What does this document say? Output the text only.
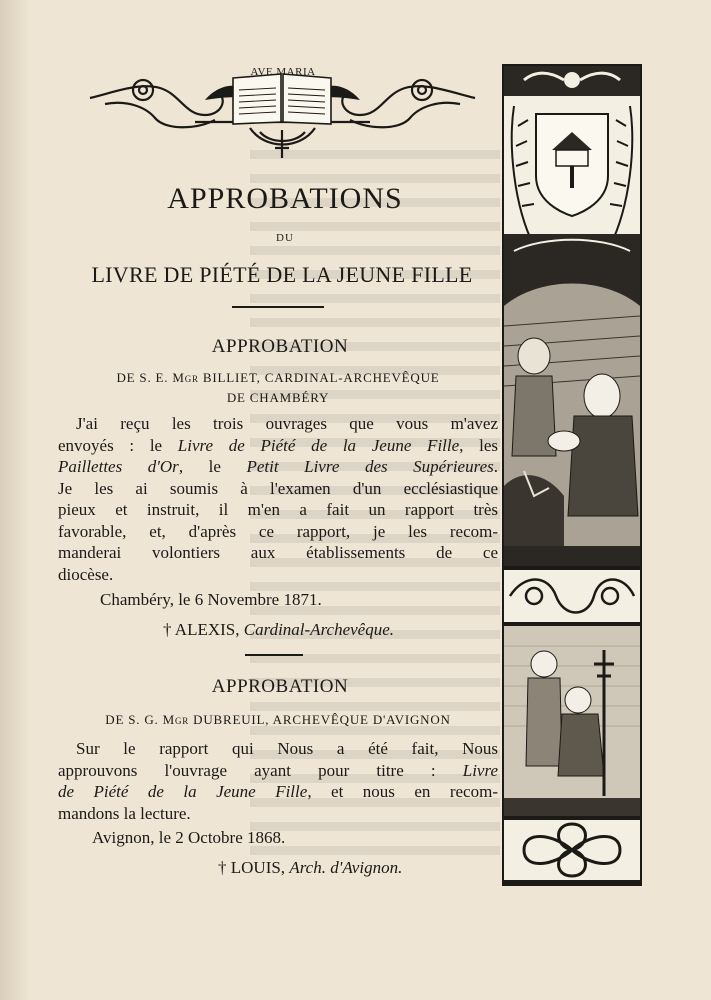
AVE MARIA
APPROBATIONS
DU
LIVRE DE PIÉTÉ DE LA JEUNE FILLE
APPROBATION
DE S. E. Mgr BILLIET, CARDINAL-ARCHEVÊQUE
DE CHAMBÉRY
J'ai reçu les trois ouvrages que vous m'avez
envoyés : le Livre de Piété de la Jeune Fille, les
Paillettes d'Or, le Petit Livre des Supérieures.
Je les ai soumis à l'examen d'un ecclésiastique
pieux et instruit, il m'en a fait un rapport très
favorable, et, d'après ce rapport, je les recom-
manderai volontiers aux établissements de ce
diocèse.
Chambéry, le 6 Novembre 1871.
† ALEXIS, Cardinal-Archevêque.
APPROBATION
DE S. G. Mgr DUBREUIL, ARCHEVÊQUE D'AVIGNON
Sur le rapport qui Nous a été fait, Nous
approuvons l'ouvrage ayant pour titre : Livre
de Piété de la Jeune Fille, et nous en recom-
mandons la lecture.
Avignon, le 2 Octobre 1868.
† LOUIS, Arch. d'Avignon.
